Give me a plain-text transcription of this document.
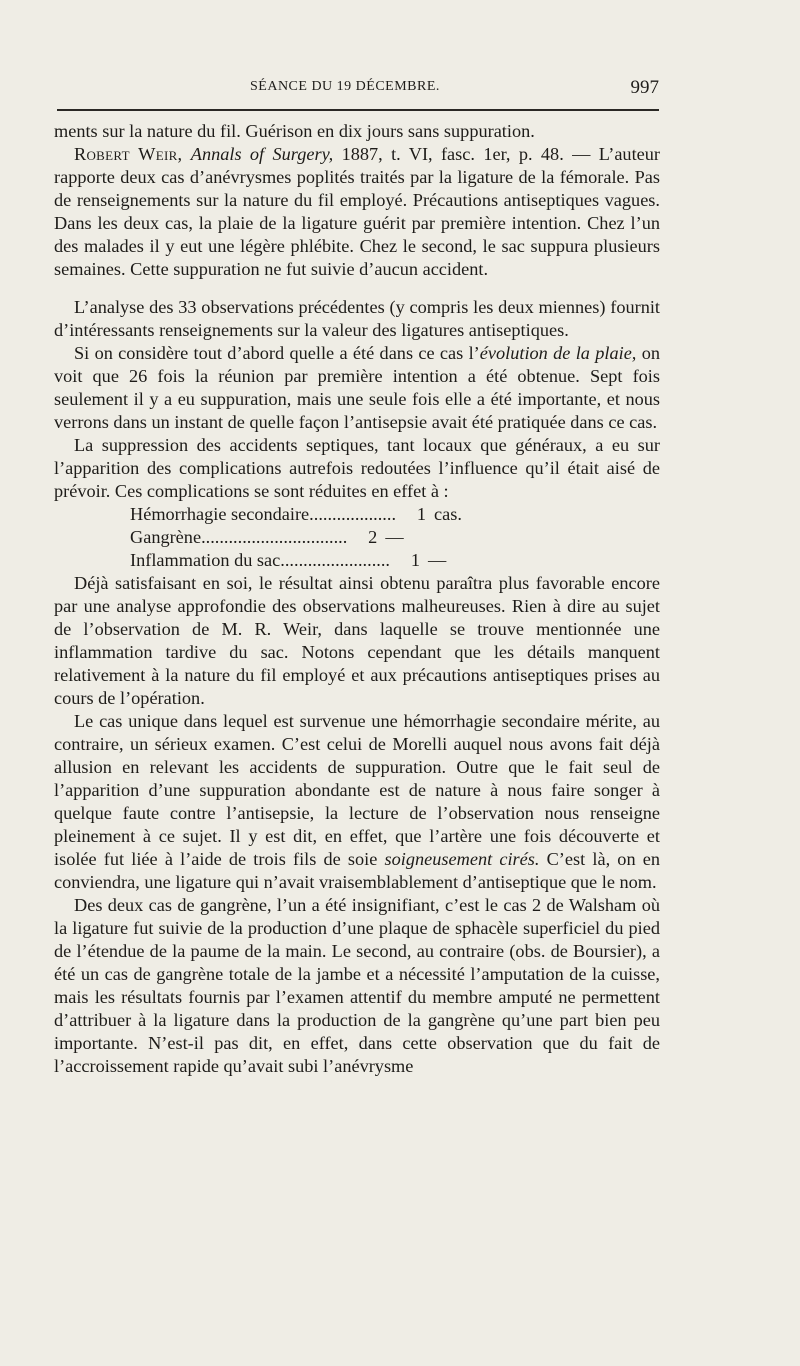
SÉANCE DU 19 DÉCEMBRE.	997

ments sur la nature du fil. Guérison en dix jours sans suppuration.

Robert Weir, Annals of Surgery, 1887, t. VI, fasc. 1er, p. 48. — L’auteur rapporte deux cas d’anévrysmes poplités traités par la ligature de la fémorale. Pas de renseignements sur la nature du fil employé. Précautions antiseptiques vagues. Dans les deux cas, la plaie de la ligature guérit par première intention. Chez l’un des malades il y eut une légère phlébite. Chez le second, le sac suppura plusieurs semaines. Cette suppuration ne fut suivie d’aucun accident.

L’analyse des 33 observations précédentes (y compris les deux miennes) fournit d’intéressants renseignements sur la valeur des ligatures antiseptiques.

Si on considère tout d’abord quelle a été dans ce cas l’évolution de la plaie, on voit que 26 fois la réunion par première intention a été obtenue. Sept fois seulement il y a eu suppuration, mais une seule fois elle a été importante, et nous verrons dans un instant de quelle façon l’antisepsie avait été pratiquée dans ce cas.

La suppression des accidents septiques, tant locaux que généraux, a eu sur l’apparition des complications autrefois redoutées l’influence qu’il était aisé de prévoir. Ces complications se sont réduites en effet à :

Hémorrhagie secondaire ...................	1 cas.
Gangrène ................................	2 —
Inflammation du sac ........................	1 —

Déjà satisfaisant en soi, le résultat ainsi obtenu paraîtra plus favorable encore par une analyse approfondie des observations malheureuses. Rien à dire au sujet de l’observation de M. R. Weir, dans laquelle se trouve mentionnée une inflammation tardive du sac. Notons cependant que les détails manquent relativement à la nature du fil employé et aux précautions antiseptiques prises au cours de l’opération.

Le cas unique dans lequel est survenue une hémorrhagie secondaire mérite, au contraire, un sérieux examen. C’est celui de Morelli auquel nous avons fait déjà allusion en relevant les accidents de suppuration. Outre que le fait seul de l’apparition d’une suppuration abondante est de nature à nous faire songer à quelque faute contre l’antisepsie, la lecture de l’observation nous renseigne pleinement à ce sujet. Il y est dit, en effet, que l’artère une fois découverte et isolée fut liée à l’aide de trois fils de soie soigneusement cirés. C’est là, on en conviendra, une ligature qui n’avait vraisemblablement d’antiseptique que le nom.

Des deux cas de gangrène, l’un a été insignifiant, c’est le cas 2 de Walsham où la ligature fut suivie de la production d’une plaque de sphacèle superficiel du pied de l’étendue de la paume de la main. Le second, au contraire (obs. de Boursier), a été un cas de gangrène totale de la jambe et a nécessité l’amputation de la cuisse, mais les résultats fournis par l’examen attentif du membre amputé ne permettent d’attribuer à la ligature dans la production de la gangrène qu’une part bien peu importante. N’est-il pas dit, en effet, dans cette observation que du fait de l’accroissement rapide qu’avait subi l’anévrysme
